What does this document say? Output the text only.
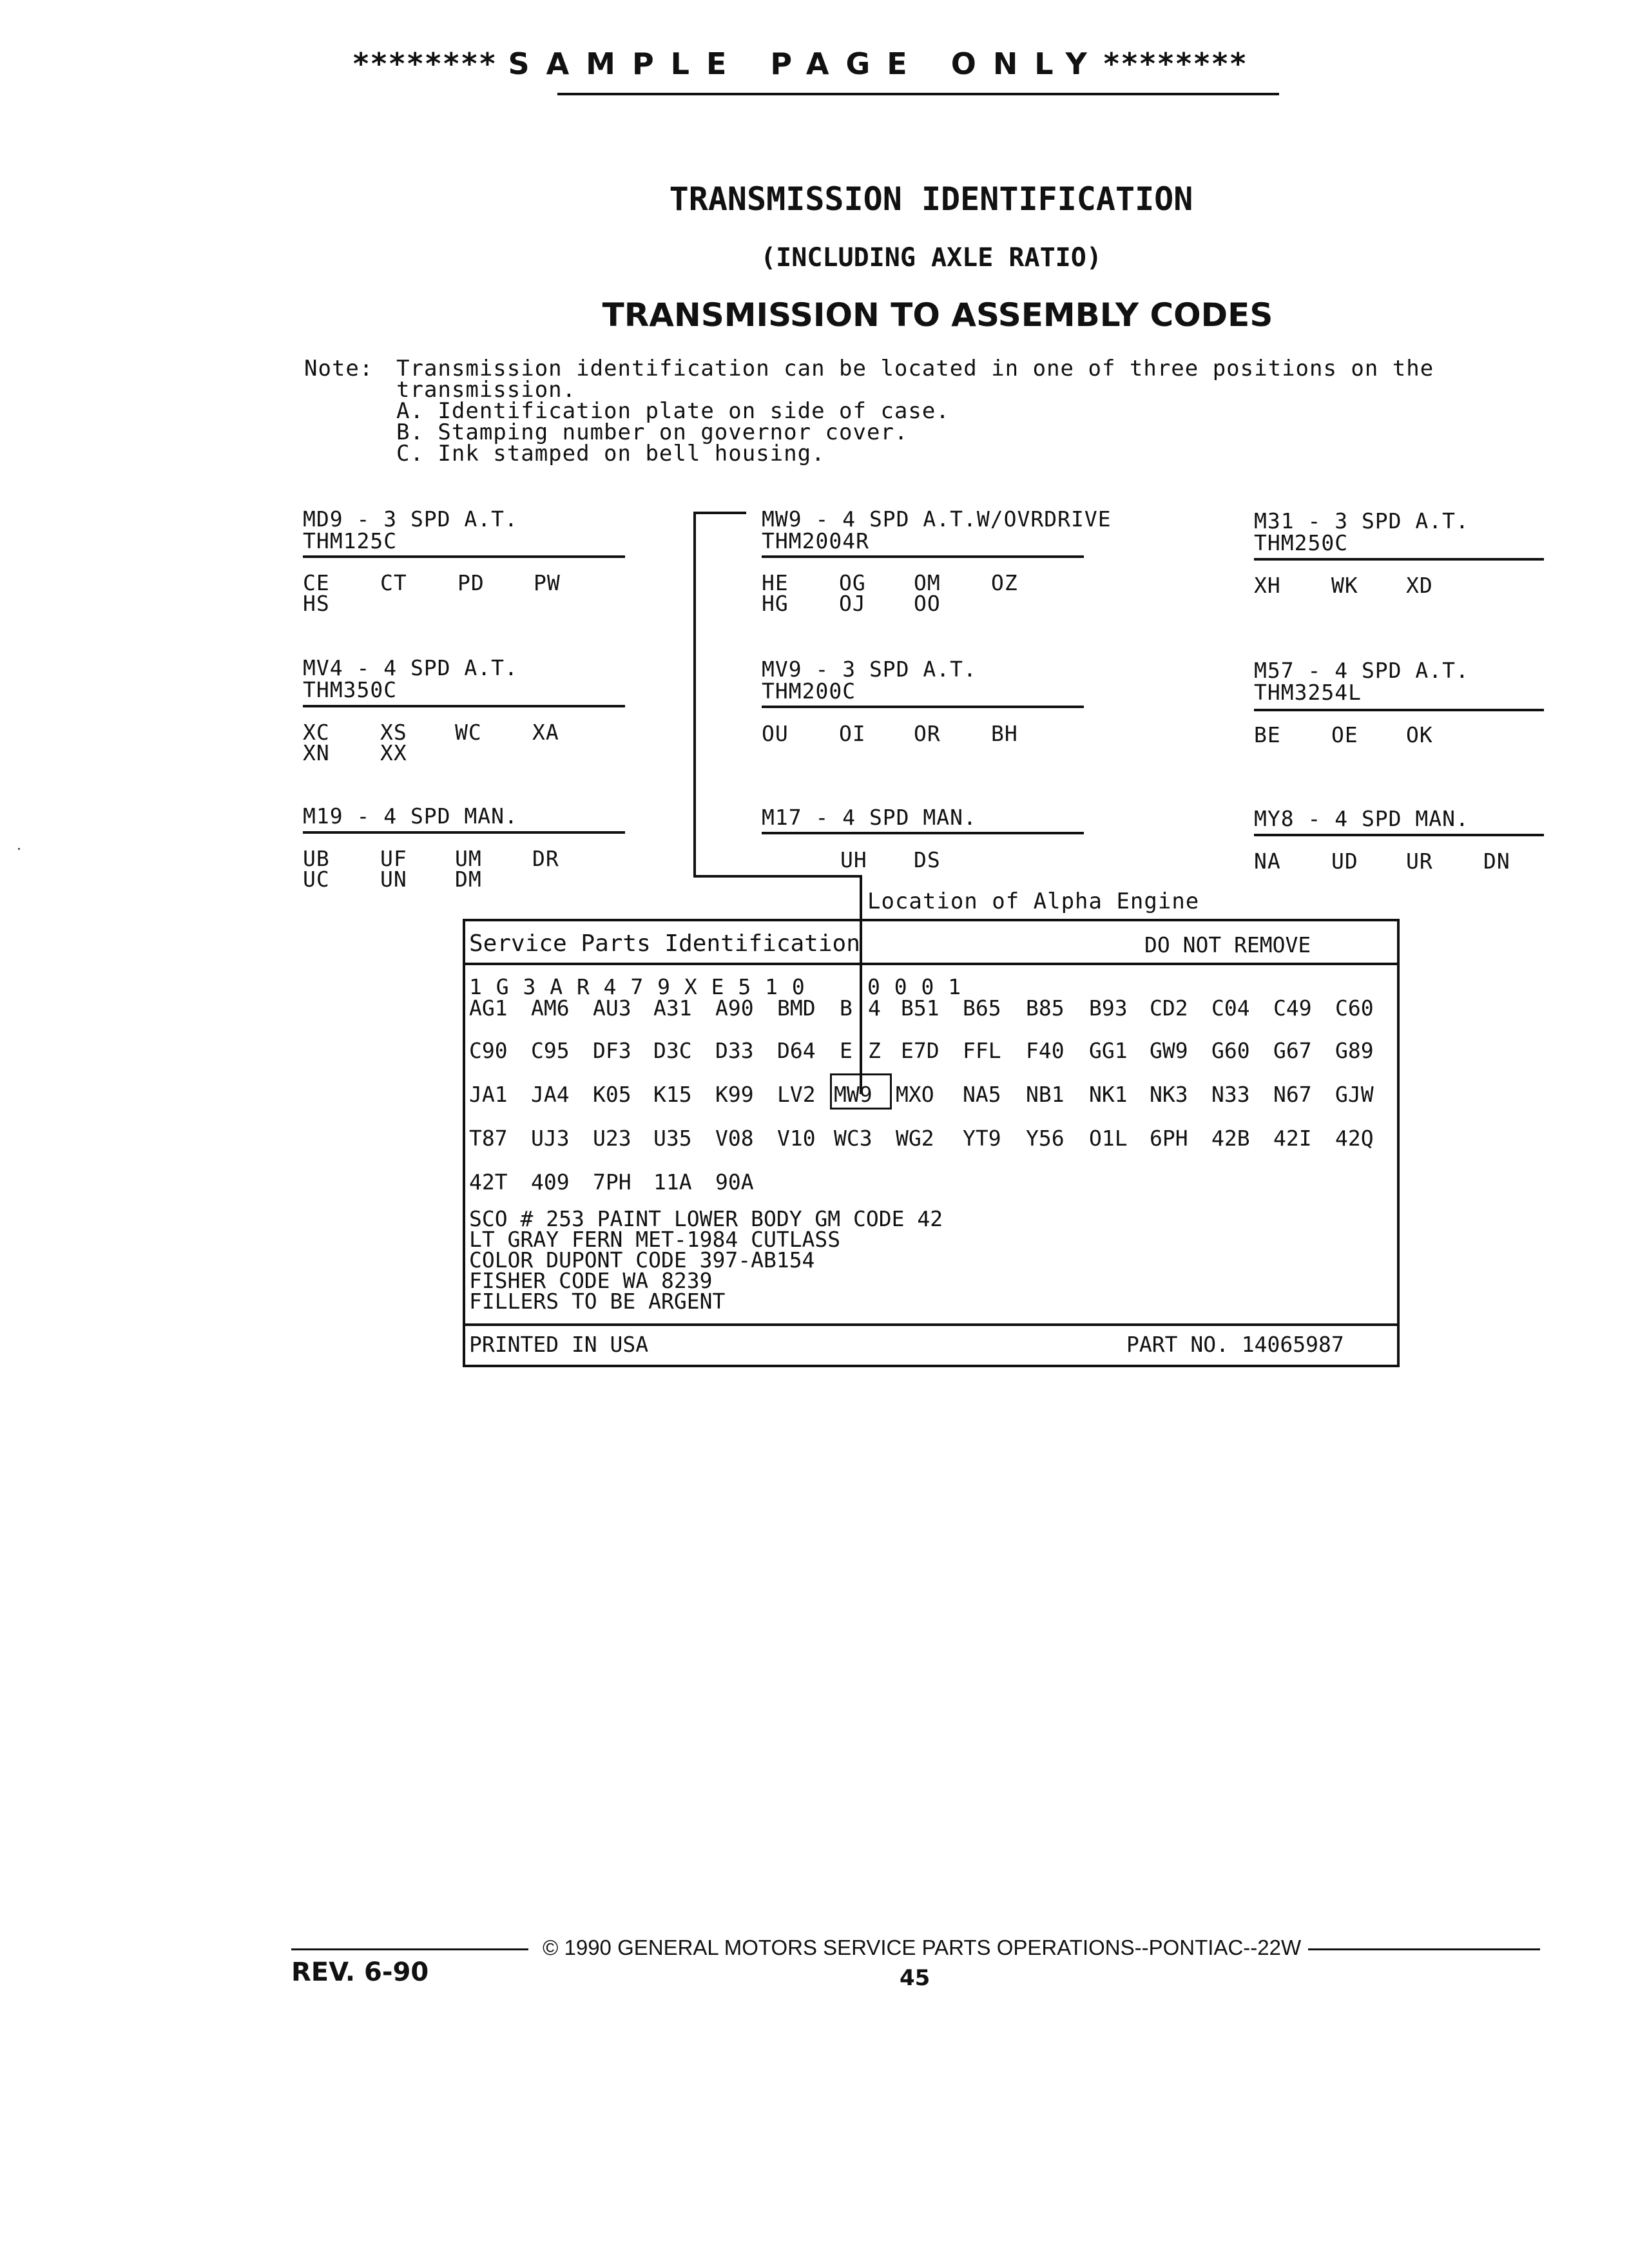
******** SAMPLE PAGE ONLY********
TRANSMISSION IDENTIFICATION
(INCLUDING AXLE RATIO)
TRANSMISSION TO ASSEMBLY CODES
Note: Transmission identification can be located in one of three positions on the
transmission.
A. Identification plate on side of case.
B. Stamping number on governor cover.
C. Ink stamped on bell housing.
MD9 - 3 SPD A.T.
THM125C
CE CT PD PW
HS
MV4 - 4 SPD A.T.
THM350C
XC XS WC XA
XN XX
M19 - 4 SPD MAN.
UB UF UM DR
UC UN DM
MW9 - 4 SPD A.T.W/OVRDRIVE
THM2004R
HE OG OM OZ
HG OJ OO
MV9 - 3 SPD A.T.
THM200C
OU OI OR BH
M17 - 4 SPD MAN.
UH DS
M31 - 3 SPD A.T.
THM250C
XH WK XD
M57 - 4 SPD A.T.
THM3254L
BE OE OK
MY8 - 4 SPD MAN.
NA UD UR DN
Location of Alpha Engine
Service Parts Identification	DO NOT REMOVE
1 G 3 A R 4 7 9 X E 5 1 0	0 0 0 1
AG1 AM6 AU3 A31 A90 BMD B 4 B51 B65 B85 B93 CD2 C04 C49 C60
C90 C95 DF3 D3C D33 D64 E Z E7D FFL F40 GG1 GW9 G60 G67 G89
JA1 JA4 K05 K15 K99 LV2 MW9 MXO NA5 NB1 NK1 NK3 N33 N67 GJW
T87 UJ3 U23 U35 V08 V10 WC3 WG2 YT9 Y56 O1L 6PH 42B 42I 42Q
42T 409 7PH 11A 90A
SCO # 253 PAINT LOWER BODY GM CODE 42
LT GRAY FERN MET-1984 CUTLASS
COLOR DUPONT CODE 397-AB154
FISHER CODE WA 8239
FILLERS TO BE ARGENT
PRINTED IN USA	PART NO. 14065987
© 1990 GENERAL MOTORS SERVICE PARTS OPERATIONS--PONTIAC--22W
REV. 6-90	45
